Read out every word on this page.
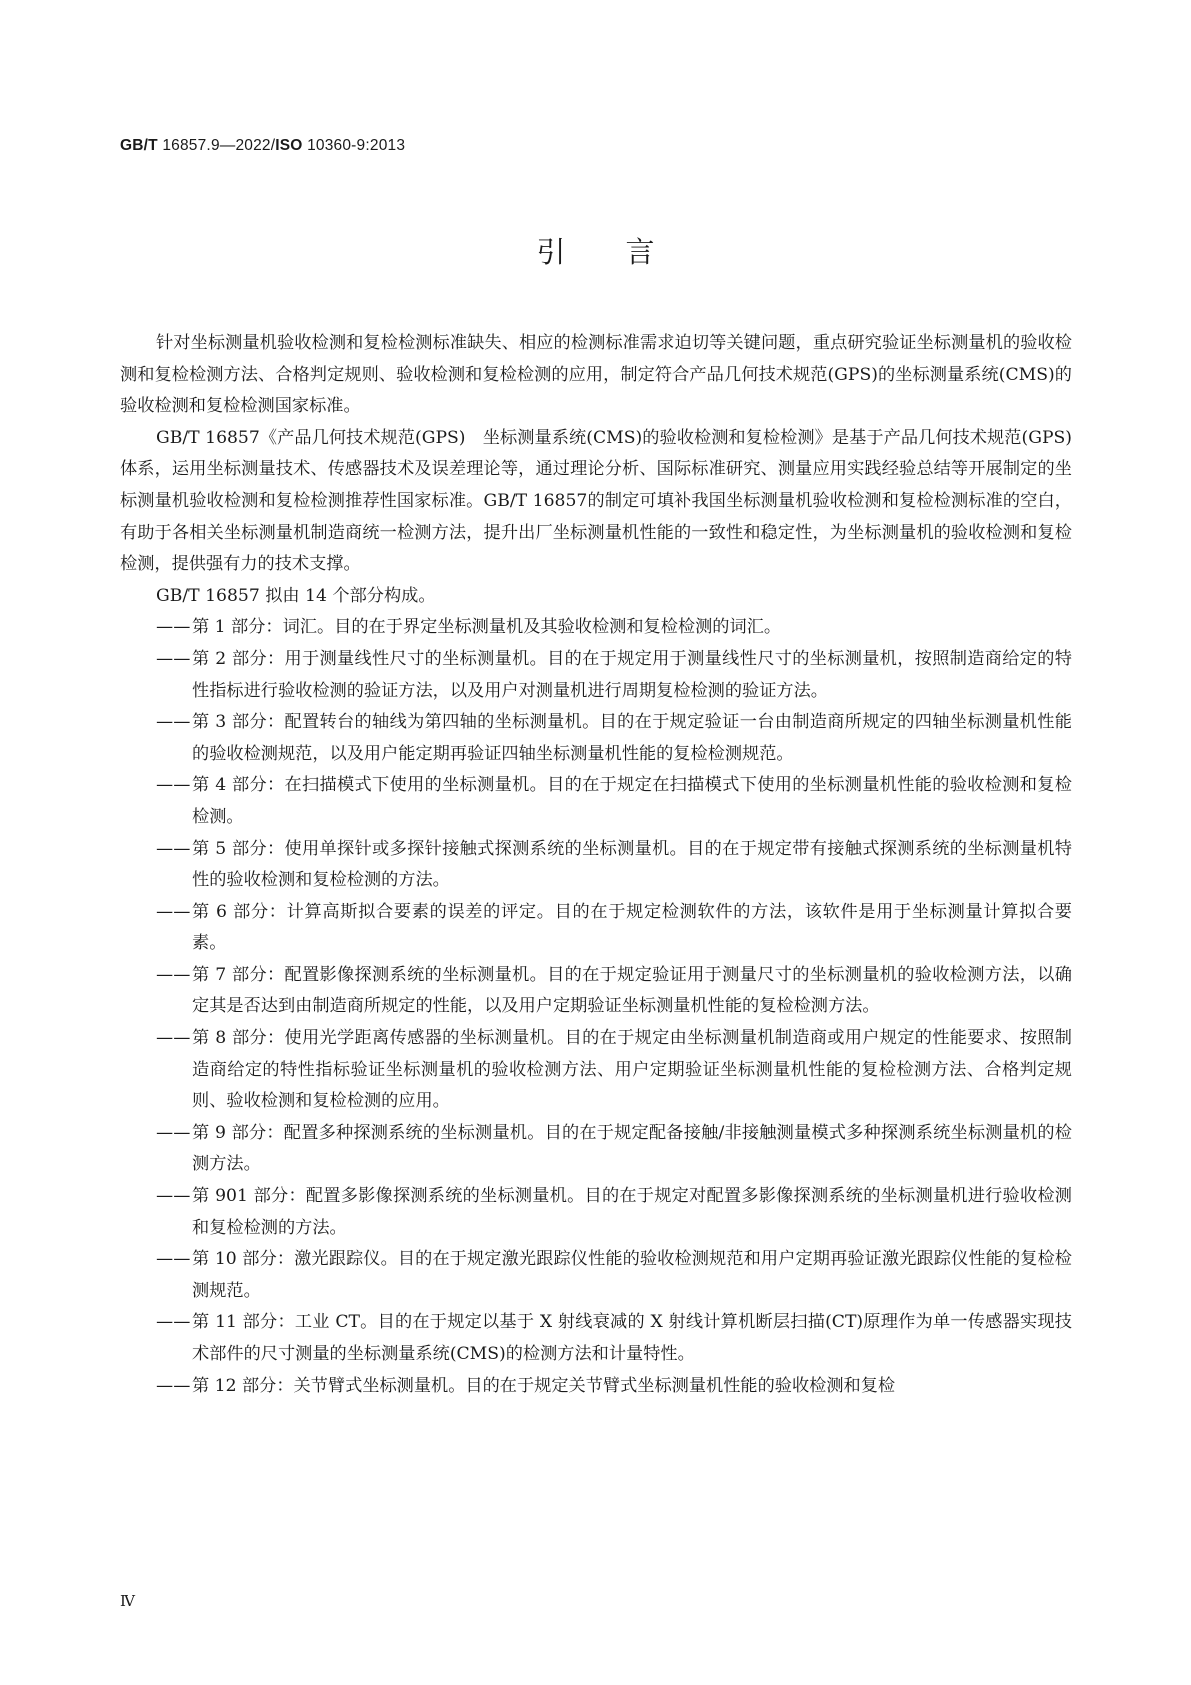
GB/T 16857.9—2022/ISO 10360-9:2013
引言

针对坐标测量机验收检测和复检检测标准缺失、相应的检测标准需求迫切等关键问题，重点研究验证坐标测量机的验收检测和复检检测方法、合格判定规则、验收检测和复检检测的应用，制定符合产品几何技术规范(GPS)的坐标测量系统(CMS)的验收检测和复检检测国家标准。

GB/T 16857《产品几何技术规范(GPS)　坐标测量系统(CMS)的验收检测和复检检测》是基于产品几何技术规范(GPS)体系，运用坐标测量技术、传感器技术及误差理论等，通过理论分析、国际标准研究、测量应用实践经验总结等开展制定的坐标测量机验收检测和复检检测推荐性国家标准。GB/T 16857的制定可填补我国坐标测量机验收检测和复检检测标准的空白，有助于各相关坐标测量机制造商统一检测方法，提升出厂坐标测量机性能的一致性和稳定性，为坐标测量机的验收检测和复检检测，提供强有力的技术支撑。

GB/T 16857 拟由 14 个部分构成。

—— 第 1 部分：词汇。目的在于界定坐标测量机及其验收检测和复检检测的词汇。

—— 第 2 部分：用于测量线性尺寸的坐标测量机。目的在于规定用于测量线性尺寸的坐标测量机，按照制造商给定的特性指标进行验收检测的验证方法，以及用户对测量机进行周期复检检测的验证方法。

—— 第 3 部分：配置转台的轴线为第四轴的坐标测量机。目的在于规定验证一台由制造商所规定的四轴坐标测量机性能的验收检测规范，以及用户能定期再验证四轴坐标测量机性能的复检检测规范。

—— 第 4 部分：在扫描模式下使用的坐标测量机。目的在于规定在扫描模式下使用的坐标测量机性能的验收检测和复检检测。

—— 第 5 部分：使用单探针或多探针接触式探测系统的坐标测量机。目的在于规定带有接触式探测系统的坐标测量机特性的验收检测和复检检测的方法。

—— 第 6 部分：计算高斯拟合要素的误差的评定。目的在于规定检测软件的方法，该软件是用于坐标测量计算拟合要素。

—— 第 7 部分：配置影像探测系统的坐标测量机。目的在于规定验证用于测量尺寸的坐标测量机的验收检测方法，以确定其是否达到由制造商所规定的性能，以及用户定期验证坐标测量机性能的复检检测方法。

—— 第 8 部分：使用光学距离传感器的坐标测量机。目的在于规定由坐标测量机制造商或用户规定的性能要求、按照制造商给定的特性指标验证坐标测量机的验收检测方法、用户定期验证坐标测量机性能的复检检测方法、合格判定规则、验收检测和复检检测的应用。

—— 第 9 部分：配置多种探测系统的坐标测量机。目的在于规定配备接触/非接触测量模式多种探测系统坐标测量机的检测方法。

—— 第 901 部分：配置多影像探测系统的坐标测量机。目的在于规定对配置多影像探测系统的坐标测量机进行验收检测和复检检测的方法。

—— 第 10 部分：激光跟踪仪。目的在于规定激光跟踪仪性能的验收检测规范和用户定期再验证激光跟踪仪性能的复检检测规范。

—— 第 11 部分：工业 CT。目的在于规定以基于 X 射线衰减的 X 射线计算机断层扫描(CT)原理作为单一传感器实现技术部件的尺寸测量的坐标测量系统(CMS)的检测方法和计量特性。

—— 第 12 部分：关节臂式坐标测量机。目的在于规定关节臂式坐标测量机性能的验收检测和复检

Ⅳ
